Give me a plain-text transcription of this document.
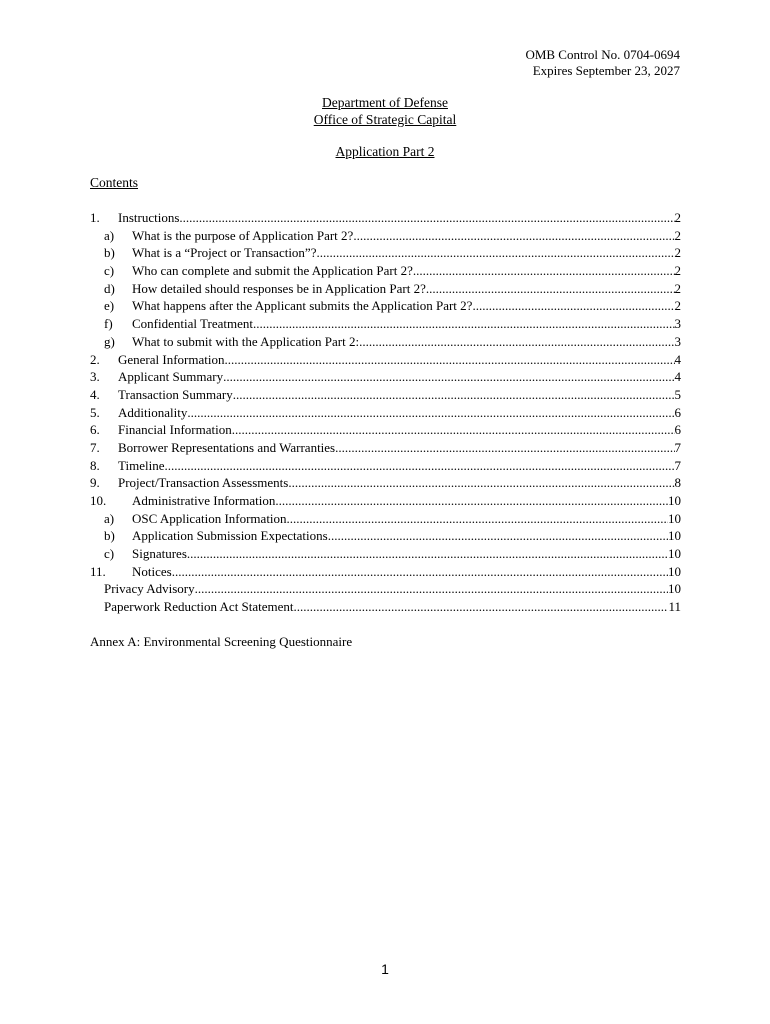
OMB Control No. 0704-0694
Expires September 23, 2027
Department of Defense
Office of Strategic Capital
Application Part 2
Contents
1.	Instructions .....	2
a)	What is the purpose of Application Part 2? .....	2
b)	What is a “Project or Transaction”? .....	2
c)	Who can complete and submit the Application Part 2? .....	2
d)	How detailed should responses be in Application Part 2? .....	2
e)	What happens after the Applicant submits the Application Part 2? .....	2
f)	Confidential Treatment .....	3
g)	What to submit with the Application Part 2: .....	3
2.	General Information .....	4
3.	Applicant Summary .....	4
4.	Transaction Summary .....	5
5.	Additionality .....	6
6.	Financial Information .....	6
7.	Borrower Representations and Warranties .....	7
8.	Timeline .....	7
9.	Project/Transaction Assessments .....	8
10.	Administrative Information .....	10
a)	OSC Application Information .....	10
b)	Application Submission Expectations .....	10
c)	Signatures .....	10
11.	Notices .....	10
Privacy Advisory .....	10
Paperwork Reduction Act Statement .....	11
Annex A: Environmental Screening Questionnaire
1
